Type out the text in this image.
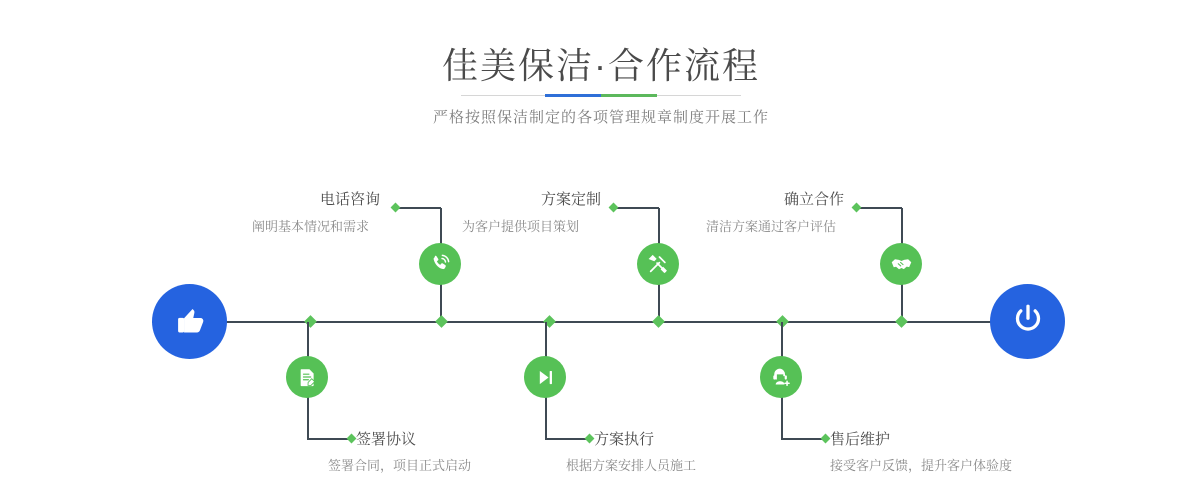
佳美保洁·合作流程
严格按照保洁制定的各项管理规章制度开展工作
电话咨询
阐明基本情况和需求
签署协议
签署合同，项目正式启动
方案定制
为客户提供项目策划
方案执行
根据方案安排人员施工
确立合作
清洁方案通过客户评估
售后维护
接受客户反馈，提升客户体验度
